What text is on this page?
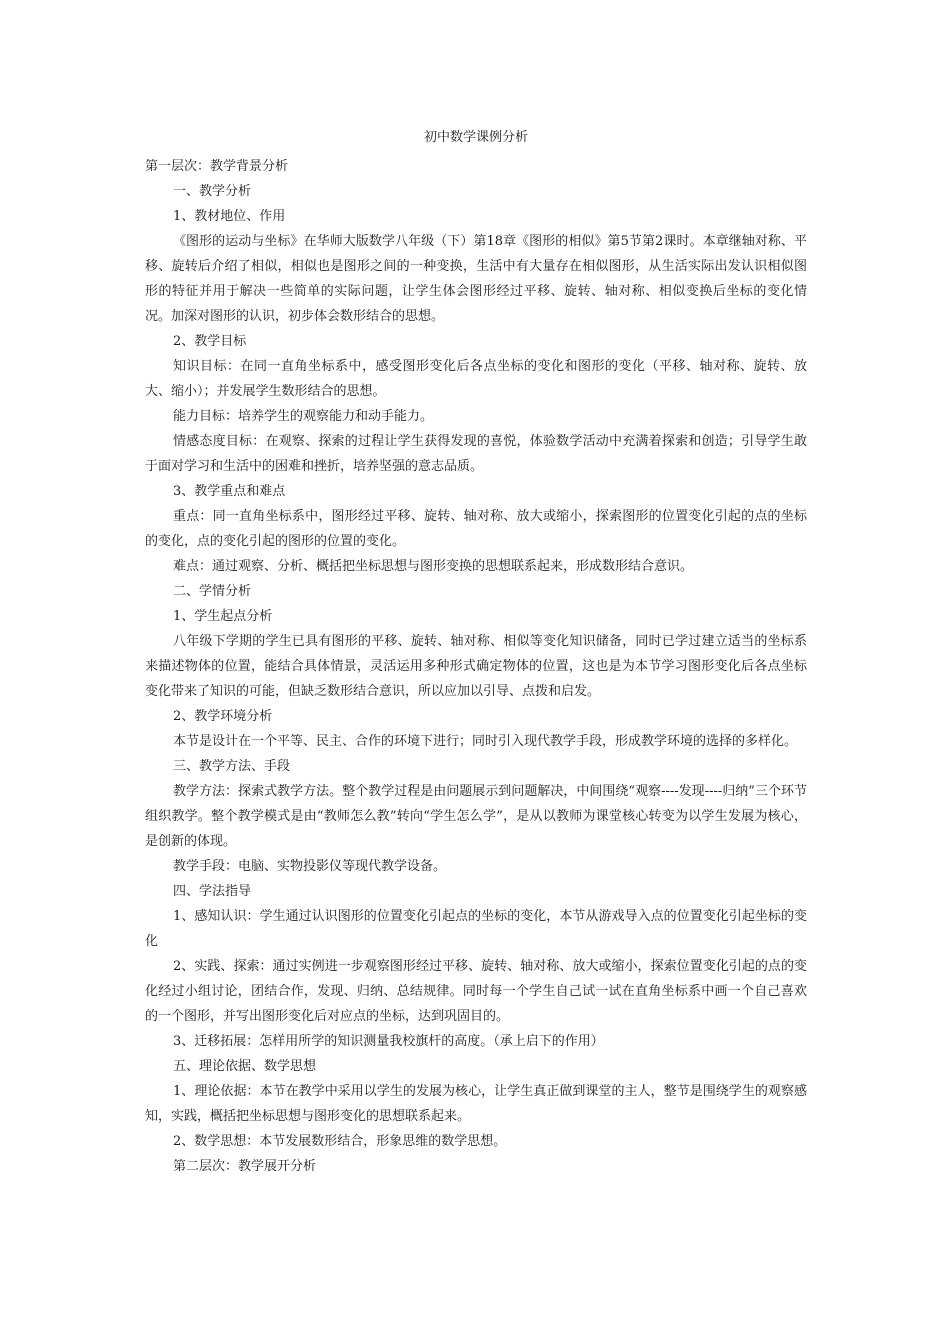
初中数学课例分析

第一层次：教学背景分析

一、教学分析

1、教材地位、作用

《图形的运动与坐标》在华师大版数学八年级（下）第18章《图形的相似》第5节第2课时。本章继轴对称、平移、旋转后介绍了相似，相似也是图形之间的一种变换，生活中有大量存在相似图形，从生活实际出发认识相似图形的特征并用于解决一些简单的实际问题，让学生体会图形经过平移、旋转、轴对称、相似变换后坐标的变化情况。加深对图形的认识，初步体会数形结合的思想。

2、教学目标

知识目标：在同一直角坐标系中，感受图形变化后各点坐标的变化和图形的变化（平移、轴对称、旋转、放大、缩小）；并发展学生数形结合的思想。

能力目标：培养学生的观察能力和动手能力。

情感态度目标：在观察、探索的过程让学生获得发现的喜悦，体验数学活动中充满着探索和创造；引导学生敢于面对学习和生活中的困难和挫折，培养坚强的意志品质。

3、教学重点和难点

重点：同一直角坐标系中，图形经过平移、旋转、轴对称、放大或缩小，探索图形的位置变化引起的点的坐标的变化，点的变化引起的图形的位置的变化。

难点：通过观察、分析、概括把坐标思想与图形变换的思想联系起来，形成数形结合意识。

二、学情分析

1、学生起点分析

八年级下学期的学生已具有图形的平移、旋转、轴对称、相似等变化知识储备，同时已学过建立适当的坐标系来描述物体的位置，能结合具体情景，灵活运用多种形式确定物体的位置，这也是为本节学习图形变化后各点坐标变化带来了知识的可能，但缺乏数形结合意识，所以应加以引导、点拨和启发。

2、教学环境分析

本节是设计在一个平等、民主、合作的环境下进行；同时引入现代教学手段，形成教学环境的选择的多样化。

三、教学方法、手段

教学方法：探索式教学方法。整个教学过程是由问题展示到问题解决，中间围绕“观察----发现----归纳”三个环节组织教学。整个教学模式是由“教师怎么教”转向“学生怎么学”，是从以教师为课堂核心转变为以学生发展为核心，是创新的体现。

教学手段：电脑、实物投影仪等现代教学设备。

四、学法指导

1、感知认识：学生通过认识图形的位置变化引起点的坐标的变化，本节从游戏导入点的位置变化引起坐标的变化

2、实践、探索：通过实例进一步观察图形经过平移、旋转、轴对称、放大或缩小，探索位置变化引起的点的变化经过小组讨论，团结合作，发现、归纳、总结规律。同时每一个学生自己试一试在直角坐标系中画一个自己喜欢的一个图形，并写出图形变化后对应点的坐标，达到巩固目的。

3、迁移拓展：怎样用所学的知识测量我校旗杆的高度。（承上启下的作用）

五、理论依据、数学思想

1、理论依据：本节在教学中采用以学生的发展为核心，让学生真正做到课堂的主人，整节是围绕学生的观察感知，实践，概括把坐标思想与图形变化的思想联系起来。

2、数学思想：本节发展数形结合，形象思维的数学思想。

第二层次：教学展开分析
